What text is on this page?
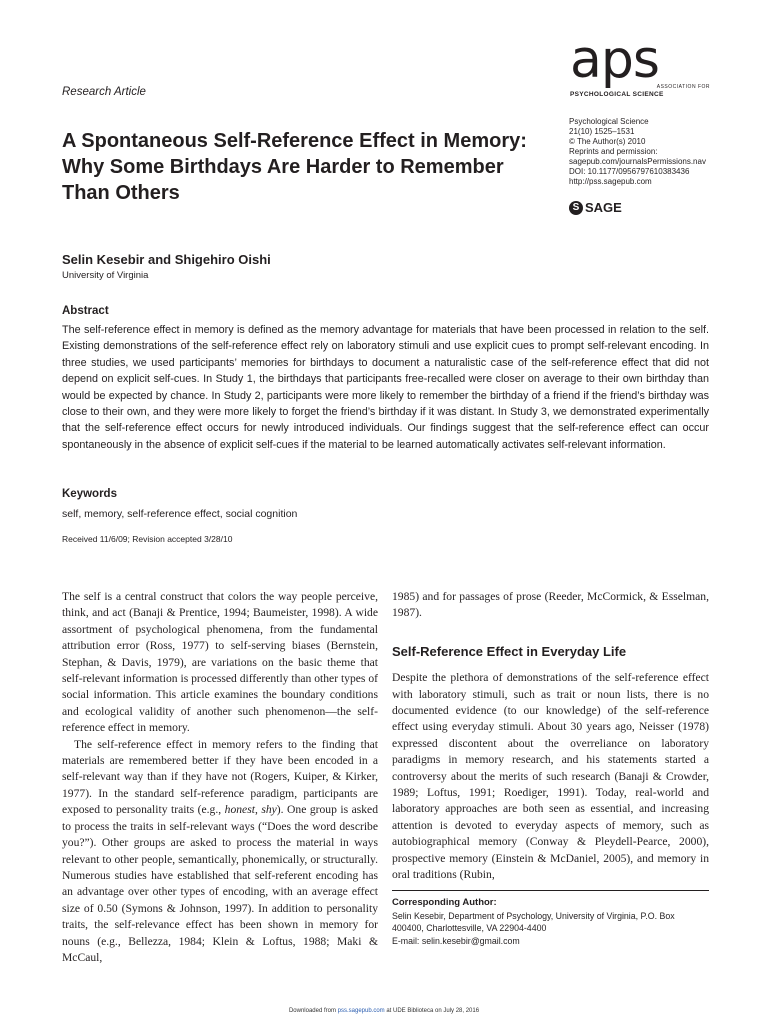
Research Article
aps
ASSOCIATION FOR
PSYCHOLOGICAL SCIENCE
Psychological Science
21(10) 1525–1531
© The Author(s) 2010
Reprints and permission:
sagepub.com/journalsPermissions.nav
DOI: 10.1177/0956797610383436
http://pss.sagepub.com
S SAGE
A Spontaneous Self-Reference Effect in Memory: Why Some Birthdays Are Harder to Remember Than Others
Selin Kesebir and Shigehiro Oishi
University of Virginia
Abstract
The self-reference effect in memory is defined as the memory advantage for materials that have been processed in relation to the self. Existing demonstrations of the self-reference effect rely on laboratory stimuli and use explicit cues to prompt self-relevant encoding. In three studies, we used participants’ memories for birthdays to document a naturalistic case of the self-reference effect that did not depend on explicit self-cues. In Study 1, the birthdays that participants free-recalled were closer on average to their own birthday than would be expected by chance. In Study 2, participants were more likely to remember the birthday of a friend if the friend’s birthday was close to their own, and they were more likely to forget the friend’s birthday if it was distant. In Study 3, we demonstrated experimentally that the self-reference effect occurs for newly introduced individuals. Our findings suggest that the self-reference effect can occur spontaneously in the absence of explicit self-cues if the material to be learned automatically activates self-relevant information.
Keywords
self, memory, self-reference effect, social cognition
Received 11/6/09; Revision accepted 3/28/10

The self is a central construct that colors the way people perceive, think, and act (Banaji & Prentice, 1994; Baumeister, 1998). A wide assortment of psychological phenomena, from the fundamental attribution error (Ross, 1977) to self-serving biases (Bernstein, Stephan, & Davis, 1979), are variations on the basic theme that self-relevant information is processed differently than other types of social information. This article examines the boundary conditions and ecological validity of another such phenomenon—the self-reference effect in memory.

The self-reference effect in memory refers to the finding that materials are remembered better if they have been encoded in a self-relevant way than if they have not (Rogers, Kuiper, & Kirker, 1977). In the standard self-reference paradigm, participants are exposed to personality traits (e.g., honest, shy). One group is asked to process the traits in self-relevant ways (“Does the word describe you?”). Other groups are asked to process the material in ways relevant to other people, semantically, phonemically, or structurally. Numerous studies have established that self-referent encoding has an advantage over other types of encoding, with an average effect size of 0.50 (Symons & Johnson, 1997). In addition to personality traits, the self-relevance effect has been shown in memory for nouns (e.g., Bellezza, 1984; Klein & Loftus, 1988; Maki & McCaul,

1985) and for passages of prose (Reeder, McCormick, & Esselman, 1987).

Self-Reference Effect in Everyday Life

Despite the plethora of demonstrations of the self-reference effect with laboratory stimuli, such as trait or noun lists, there is no documented evidence (to our knowledge) of the self-reference effect using everyday stimuli. About 30 years ago, Neisser (1978) expressed discontent about the overreliance on laboratory paradigms in memory research, and his statements started a controversy about the merits of such research (Banaji & Crowder, 1989; Loftus, 1991; Roediger, 1991). Today, real-world and laboratory approaches are both seen as essential, and increasing attention is devoted to everyday aspects of memory, such as autobiographical memory (Conway & Pleydell-Pearce, 2000), prospective memory (Einstein & McDaniel, 2005), and memory in oral traditions (Rubin,

Corresponding Author:
Selin Kesebir, Department of Psychology, University of Virginia, P.O. Box
400400, Charlottesville, VA 22904-4400
E-mail: selin.kesebir@gmail.com
Downloaded from pss.sagepub.com at UDE Biblioteca on July 28, 2016
